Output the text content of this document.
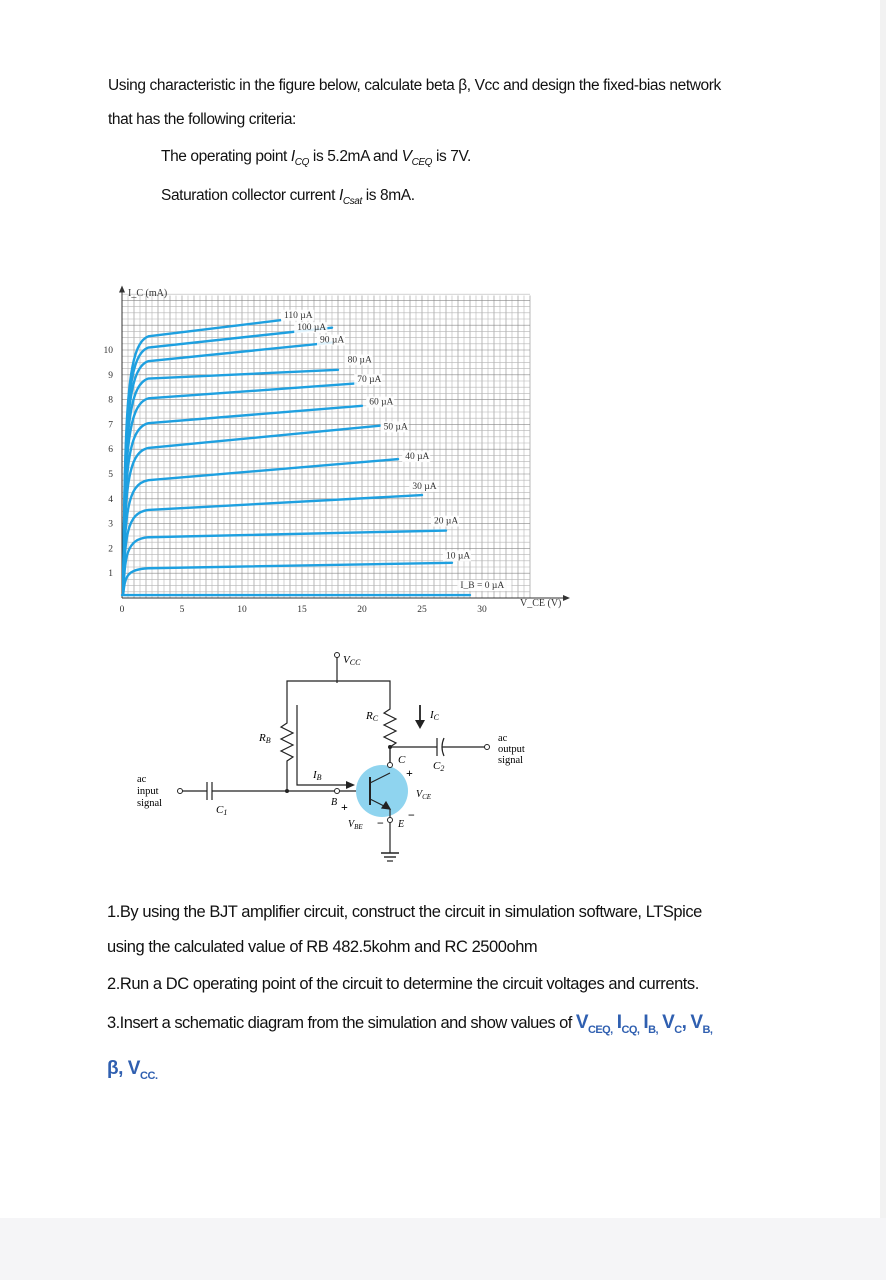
Using characteristic in the figure below, calculate beta β, Vcc and design the fixed-bias network
that has the following criteria:
The operating point $I_{CQ}$ is 5.2mA and $V_{CEQ}$ is 7V.
Saturation collector current $I_{Csat}$ is 8mA.
0	5	10	15	20	25	30
1
2
3
4
5
6
7
8
9
10
I_B = 0 µA
10 µA
20 µA
30 µA
40 µA
50 µA
60 µA
70 µA
80 µA
90 µA
100 µA
110 µA
I_C (mA)
V_CE (V)
VCC
RB
RC	IC
IB
C1
C2
C
B
E
$V_{CE}$
$V_{BE}$
+
−
+
−
ac
input
signal
ac
output
signal
1.By using the BJT amplifier circuit, construct the circuit in simulation software, LTSpice
using the calculated value of RB 482.5kohm and RC 2500ohm
2.Run a DC operating point of the circuit to determine the circuit voltages and currents.
3.Insert a schematic diagram from the simulation and show values of $V_{CEQ,}$ $I_{CQ,}$ $I_{B,}$ $V_C$, $V_{B,}$
β, $V_{CC.}$
